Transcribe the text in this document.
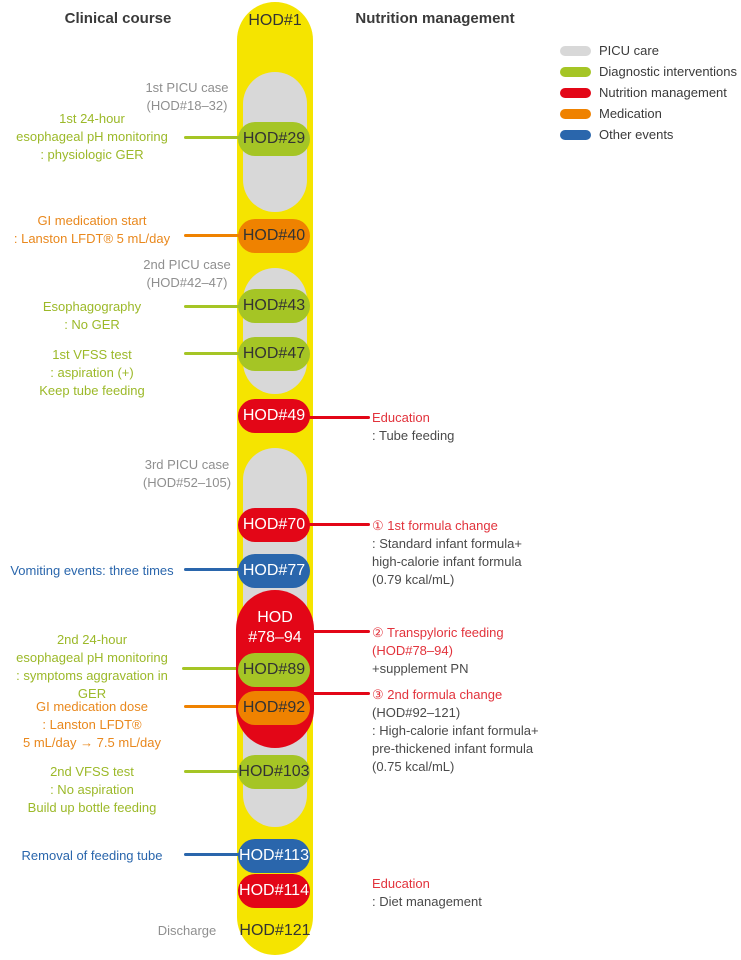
Clinical course	Nutrition management
PICU care
Diagnostic interventions
Nutrition management
Medication
Other events
HOD
#78–94
HOD#29
HOD#40
HOD#43
HOD#47
HOD#49
HOD#70
HOD#77
HOD#89
HOD#92
HOD#103
HOD#113
HOD#114
HOD#1
HOD#121
1st PICU case
(HOD#18–32)
2nd PICU case
(HOD#42–47)
3rd PICU case
(HOD#52–105)
Discharge
1st 24-hour
esophageal pH monitoring
: physiologic GER
GI medication start
: Lanston LFDT® 5 mL/day
Esophagography
: No GER
1st VFSS test
: aspiration (+)
Keep tube feeding
Vomiting events: three times
2nd 24-hour
esophageal pH monitoring
: symptoms aggravation in GER
GI medication dose
: Lanston LFDT®
5 mL/day → 7.5 mL/day
2nd VFSS test
: No aspiration
Build up bottle feeding
Removal of feeding tube
Education
: Tube feeding
① 1st formula change
: Standard infant formula+
high-calorie infant formula
(0.79 kcal/mL)
② Transpyloric feeding
(HOD#78–94)
+supplement PN
③ 2nd formula change
(HOD#92–121)
: High-calorie infant formula+
pre-thickened infant formula
(0.75 kcal/mL)
Education
: Diet management
